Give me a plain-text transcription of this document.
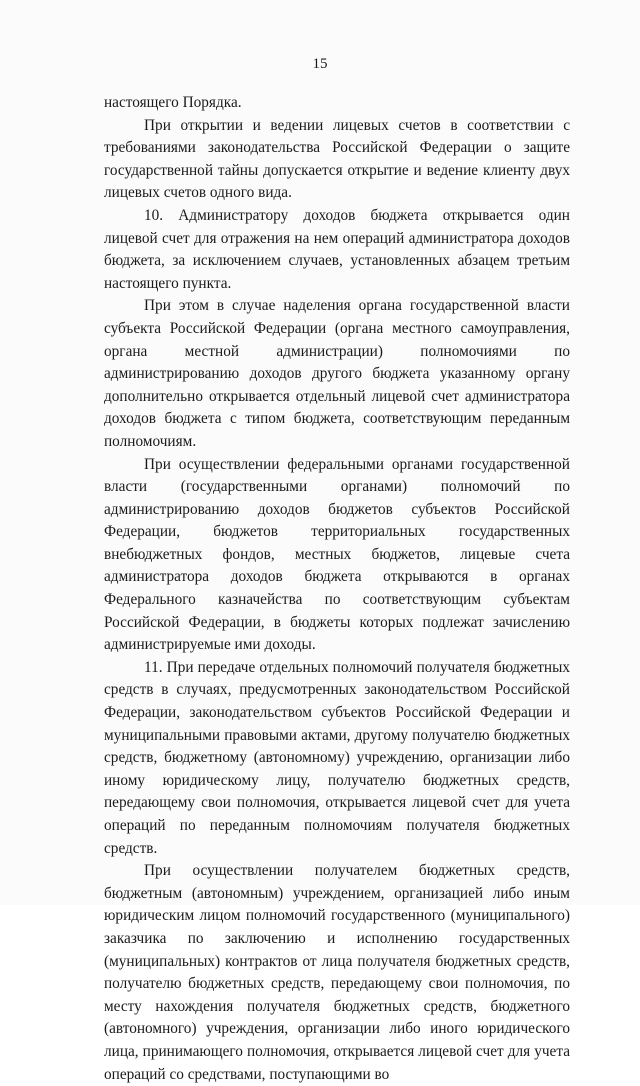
15

настоящего Порядка.

При открытии и ведении лицевых счетов в соответствии с требованиями законодательства Российской Федерации о защите государственной тайны допускается открытие и ведение клиенту двух лицевых счетов одного вида.

10. Администратору доходов бюджета открывается один лицевой счет для отражения на нем операций администратора доходов бюджета, за исключением случаев, установленных абзацем третьим настоящего пункта.

При этом в случае наделения органа государственной власти субъекта Российской Федерации (органа местного самоуправления, органа местной администрации) полномочиями по администрированию доходов другого бюджета указанному органу дополнительно открывается отдельный лицевой счет администратора доходов бюджета с типом бюджета, соответствующим переданным полномочиям.

При осуществлении федеральными органами государственной власти (государственными органами) полномочий по администрированию доходов бюджетов субъектов Российской Федерации, бюджетов территориальных государственных внебюджетных фондов, местных бюджетов, лицевые счета администратора доходов бюджета открываются в органах Федерального казначейства по соответствующим субъектам Российской Федерации, в бюджеты которых подлежат зачислению администрируемые ими доходы.

11. При передаче отдельных полномочий получателя бюджетных средств в случаях, предусмотренных законодательством Российской Федерации, законодательством субъектов Российской Федерации и муниципальными правовыми актами, другому получателю бюджетных средств, бюджетному (автономному) учреждению, организации либо иному юридическому лицу, получателю бюджетных средств, передающему свои полномочия, открывается лицевой счет для учета операций по переданным полномочиям получателя бюджетных средств.

При осуществлении получателем бюджетных средств, бюджетным (автономным) учреждением, организацией либо иным юридическим лицом полномочий государственного (муниципального) заказчика по заключению и исполнению государственных (муниципальных) контрактов от лица получателя бюджетных средств, получателю бюджетных средств, передающему свои полномочия, по месту нахождения получателя бюджетных средств, бюджетного (автономного) учреждения, организации либо иного юридического лица, принимающего полномочия, открывается лицевой счет для учета операций со средствами, поступающими во
